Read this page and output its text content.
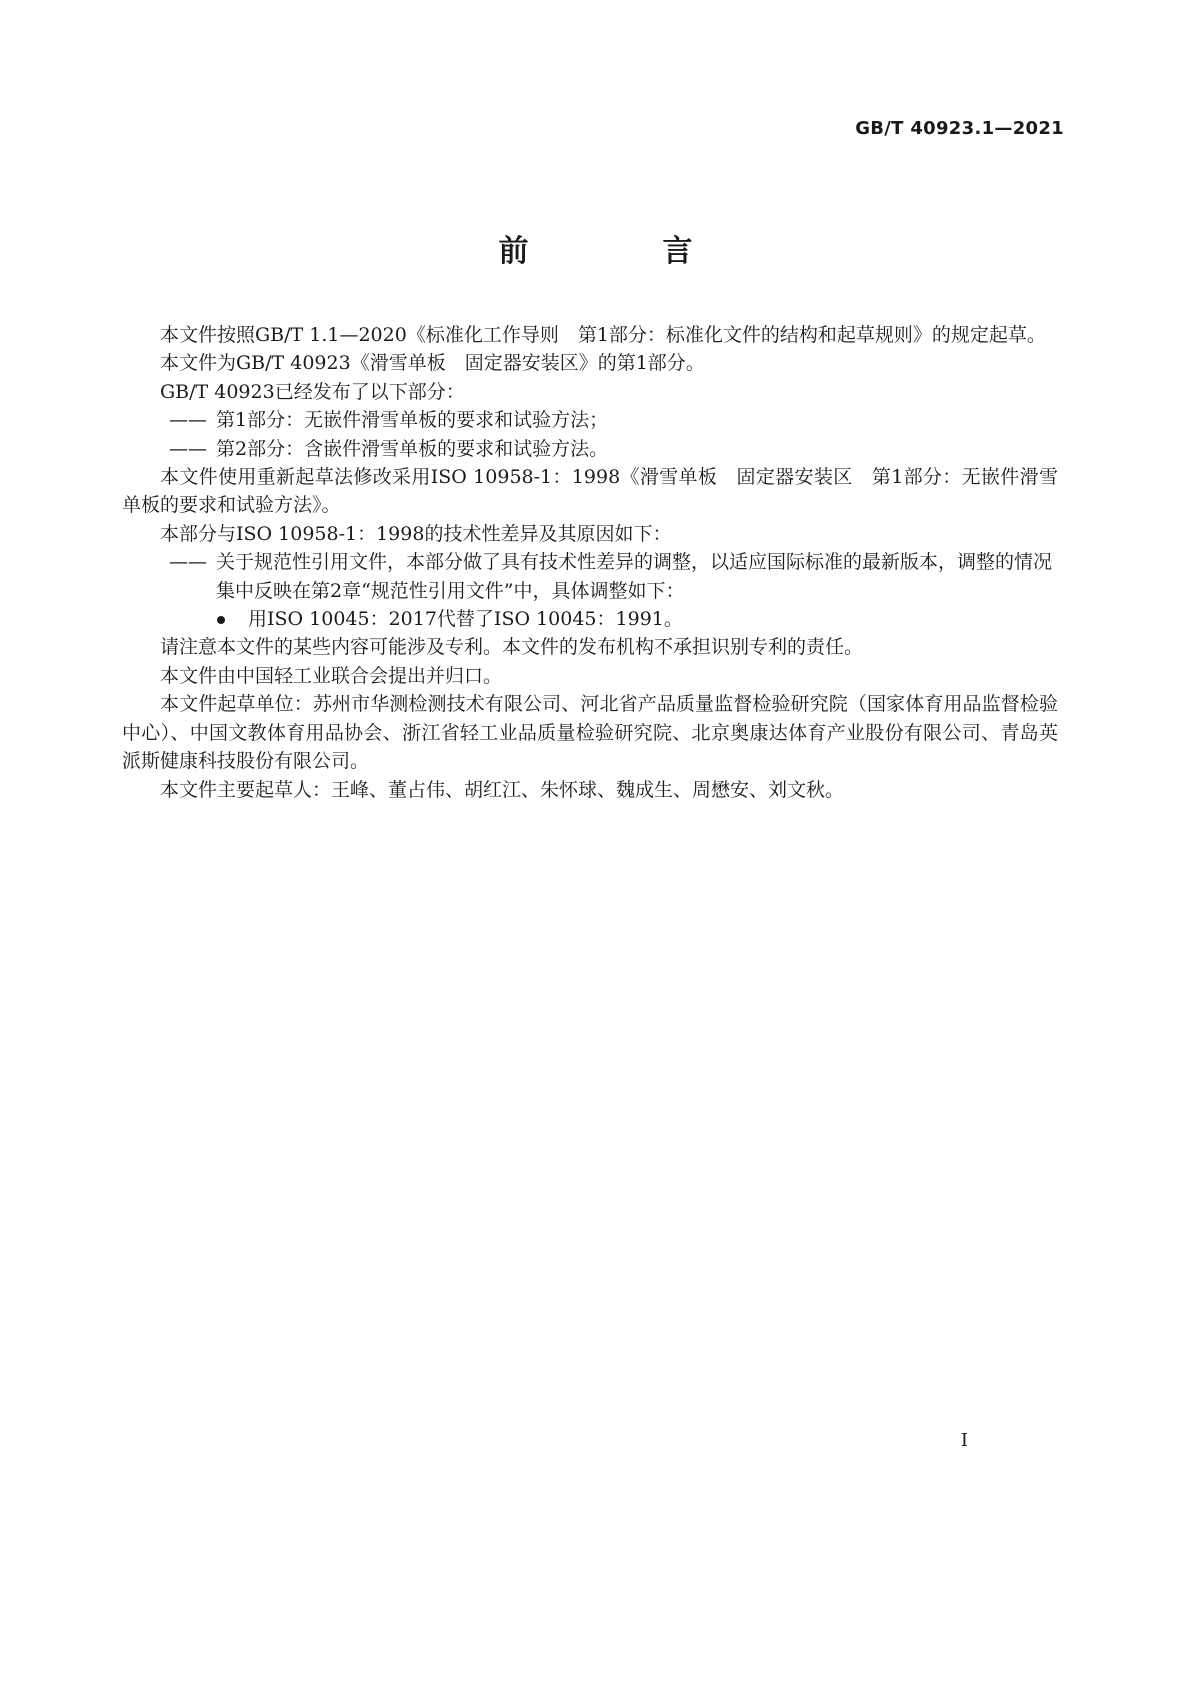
GB/T 40923.1—2021
前　言

本文件按照GB/T 1.1—2020《标准化工作导则　第1部分：标准化文件的结构和起草规则》的规定起草。

本文件为GB/T 40923《滑雪单板　固定器安装区》的第1部分。

GB/T 40923已经发布了以下部分：

—— 第1部分：无嵌件滑雪单板的要求和试验方法；

—— 第2部分：含嵌件滑雪单板的要求和试验方法。

本文件使用重新起草法修改采用ISO 10958-1：1998《滑雪单板　固定器安装区　第1部分：无嵌件滑雪单板的要求和试验方法》。

本部分与ISO 10958-1：1998的技术性差异及其原因如下：

—— 关于规范性引用文件，本部分做了具有技术性差异的调整，以适应国际标准的最新版本，调整的情况集中反映在第2章“规范性引用文件”中，具体调整如下：

用ISO 10045：2017代替了ISO 10045：1991。

请注意本文件的某些内容可能涉及专利。本文件的发布机构不承担识别专利的责任。

本文件由中国轻工业联合会提出并归口。

本文件起草单位：苏州市华测检测技术有限公司、河北省产品质量监督检验研究院（国家体育用品监督检验中心）、中国文教体育用品协会、浙江省轻工业品质量检验研究院、北京奥康达体育产业股份有限公司、青岛英派斯健康科技股份有限公司。

本文件主要起草人：王峰、董占伟、胡红江、朱怀球、魏成生、周懋安、刘文秋。

I
